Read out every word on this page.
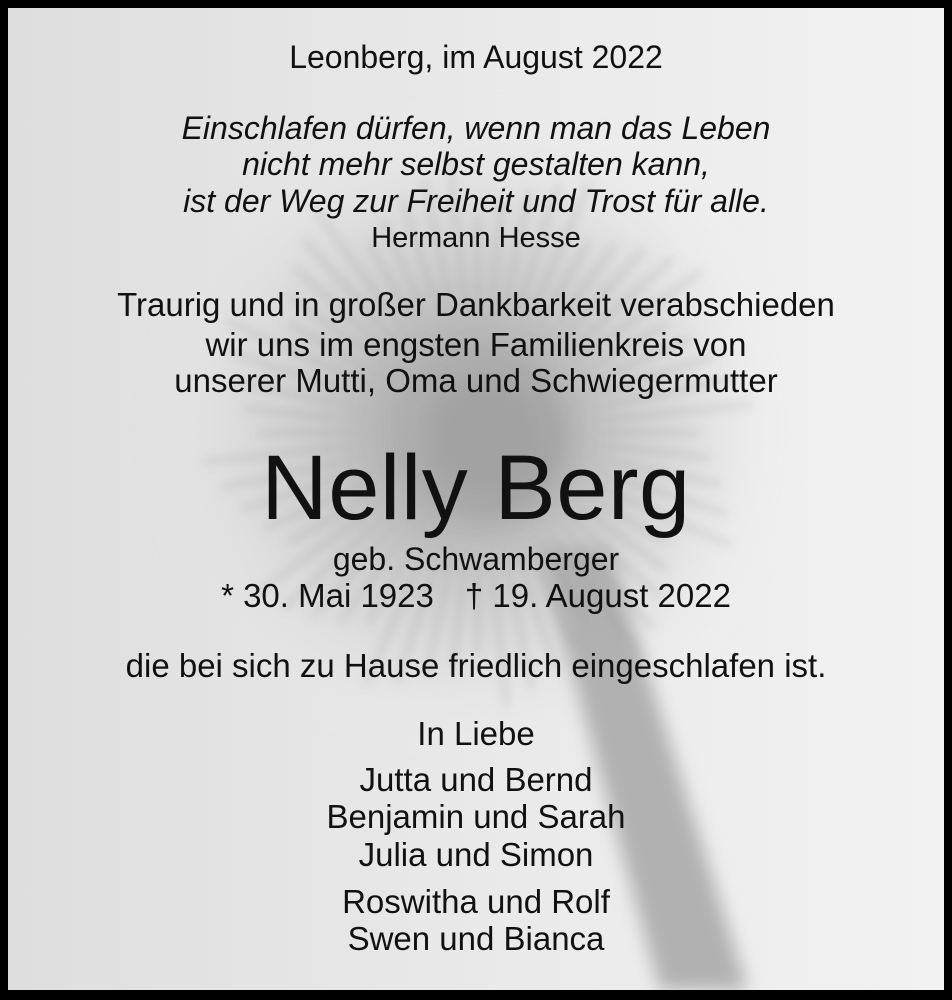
Leonberg, im August 2022
Einschlafen dürfen, wenn man das Leben
nicht mehr selbst gestalten kann,
ist der Weg zur Freiheit und Trost für alle.
Hermann Hesse
Traurig und in großer Dankbarkeit verabschieden
wir uns im engsten Familienkreis von
unserer Mutti, Oma und Schwiegermutter
Nelly Berg
geb. Schwamberger
* 30. Mai 1923 † 19. August 2022
die bei sich zu Hause friedlich eingeschlafen ist.
In Liebe
Jutta und Bernd
Benjamin und Sarah
Julia und Simon
Roswitha und Rolf
Swen und Bianca
